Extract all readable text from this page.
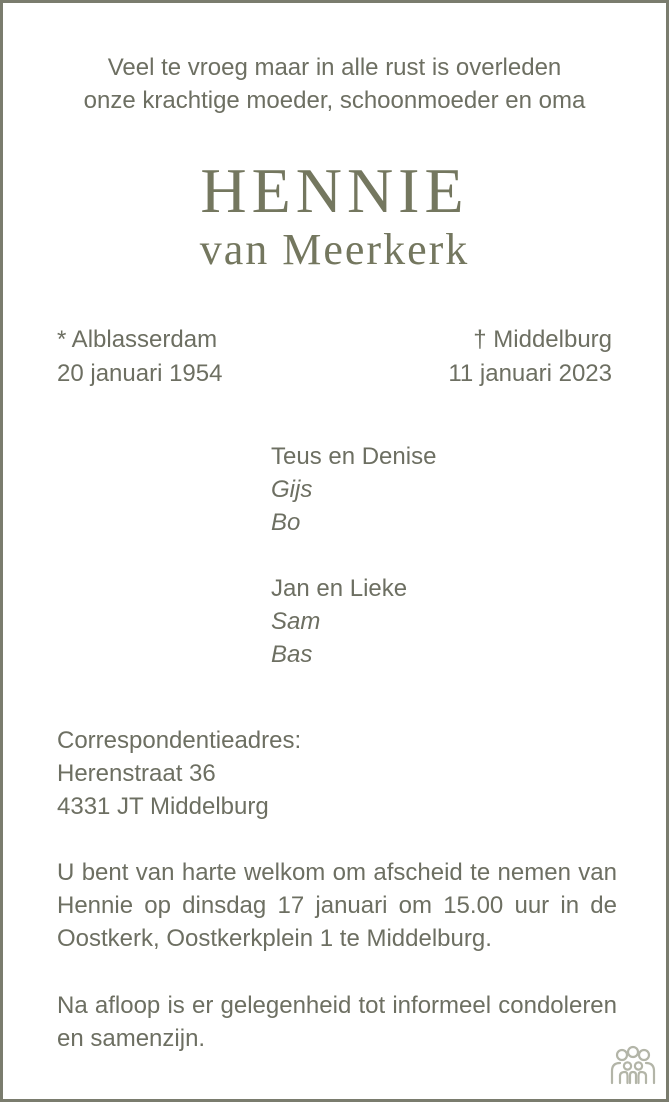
Veel te vroeg maar in alle rust is overleden
onze krachtige moeder, schoonmoeder en oma
HENNIE
van Meerkerk
* Alblasserdam
20 januari 1954
† Middelburg
11 januari 2023
Teus en Denise
Gijs
Bo
Jan en Lieke
Sam
Bas
Correspondentieadres:
Herenstraat 36
4331 JT Middelburg
U bent van harte welkom om afscheid te nemen van Hennie op dinsdag 17 januari om 15.00 uur in de Oostkerk, Oostkerkplein 1 te Middelburg.
Na afloop is er gelegenheid tot informeel condoleren en samenzijn.
